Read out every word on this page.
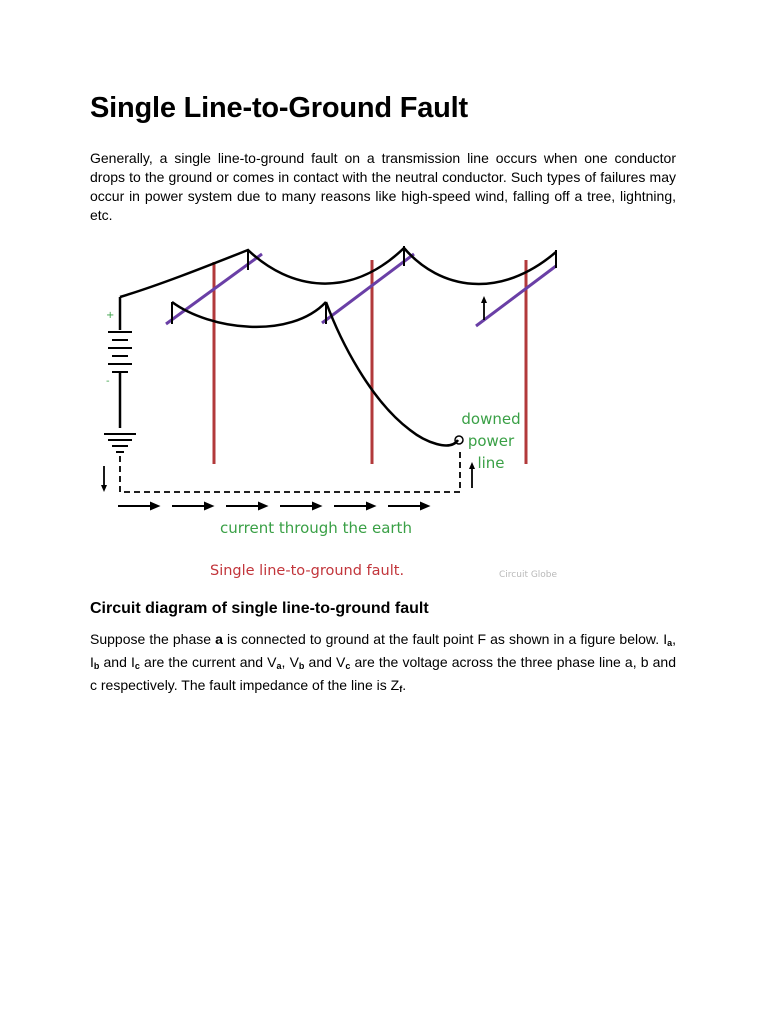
Single Line-to-Ground Fault

Generally, a single line-to-ground fault on a transmission line occurs when one conductor drops to the ground or comes in contact with the neutral conductor. Such types of failures may occur in power system due to many reasons like high-speed wind, falling off a tree, lightning, etc.

+
-
downed
power
line
current through the earth
Single line-to-ground fault.	Circuit Globe
Circuit diagram of single line-to-ground fault

Suppose the phase a is connected to ground at the fault point F as shown in a figure below. $I_a$, $I_b$ and $I_c$ are the current and $V_a$, $V_b$ and $V_c$ are the voltage across the three phase line a, b and c respectively. The fault impedance of the line is $Z_f$.
